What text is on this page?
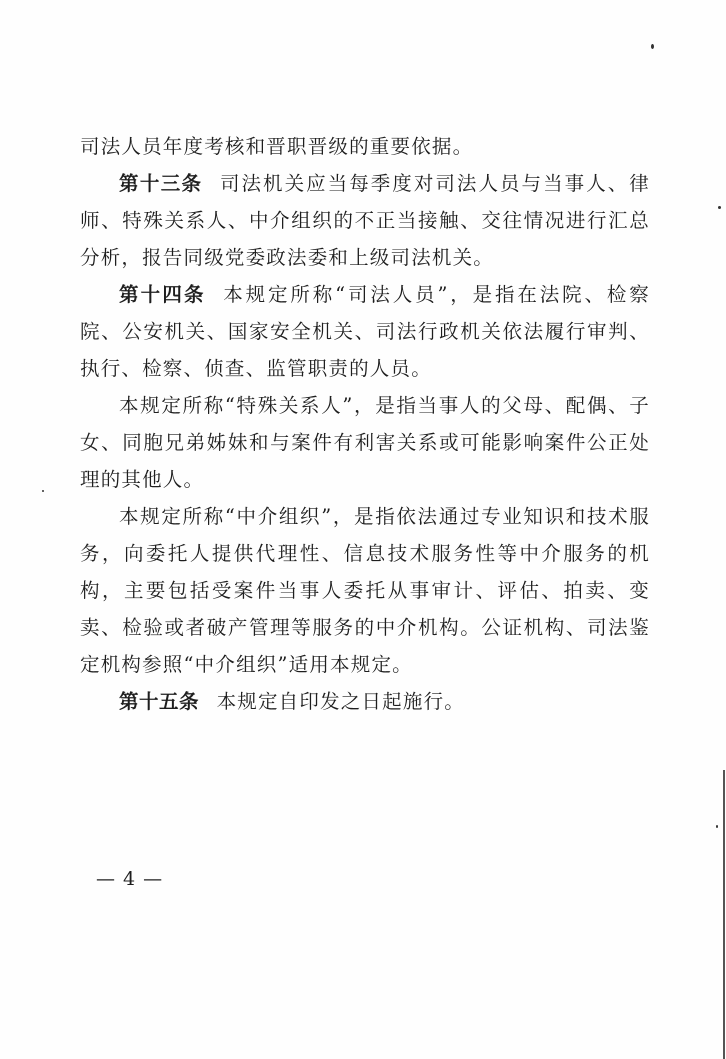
司法人员年度考核和晋职晋级的重要依据。

第十三条 司法机关应当每季度对司法人员与当事人、律师、特殊关系人、中介组织的不正当接触、交往情况进行汇总分析，报告同级党委政法委和上级司法机关。

第十四条 本规定所称“司法人员”，是指在法院、检察院、公安机关、国家安全机关、司法行政机关依法履行审判、执行、检察、侦查、监管职责的人员。

本规定所称“特殊关系人”，是指当事人的父母、配偶、子女、同胞兄弟姊妹和与案件有利害关系或可能影响案件公正处理的其他人。

本规定所称“中介组织”，是指依法通过专业知识和技术服务，向委托人提供代理性、信息技术服务性等中介服务的机构，主要包括受案件当事人委托从事审计、评估、拍卖、变卖、检验或者破产管理等服务的中介机构。公证机构、司法鉴定机构参照“中介组织”适用本规定。

第十五条 本规定自印发之日起施行。

— 4 —
